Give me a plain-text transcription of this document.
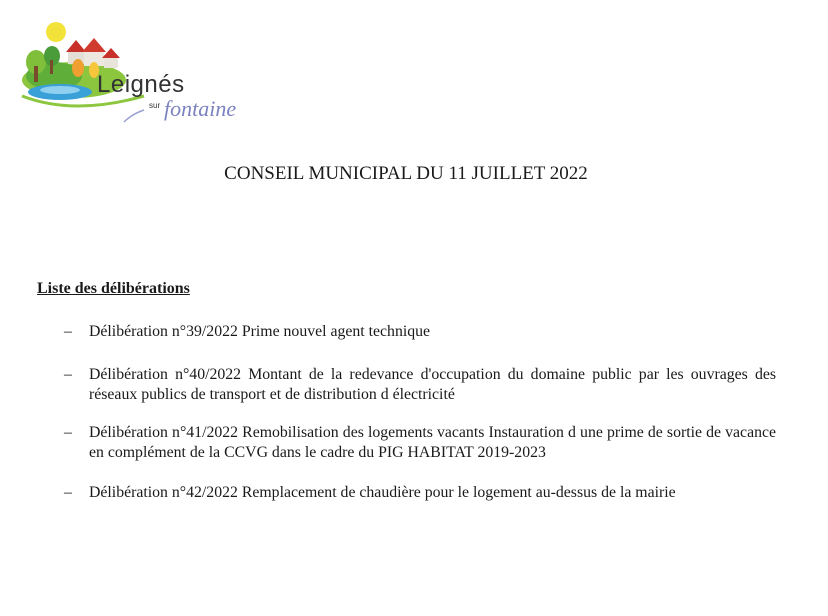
Leignés
sur fontaine
CONSEIL MUNICIPAL DU 11 JUILLET 2022
Liste des délibérations
– Délibération n°39/2022 Prime nouvel agent technique
– Délibération n°40/2022 Montant de la redevance d'occupation du domaine public par les ouvrages des réseaux publics de transport et de distribution d électricité
– Délibération n°41/2022 Remobilisation des logements vacants Instauration d une prime de sortie de vacance en complément de la CCVG dans le cadre du PIG HABITAT 2019-2023
– Délibération n°42/2022 Remplacement de chaudière pour le logement au-dessus de la mairie
